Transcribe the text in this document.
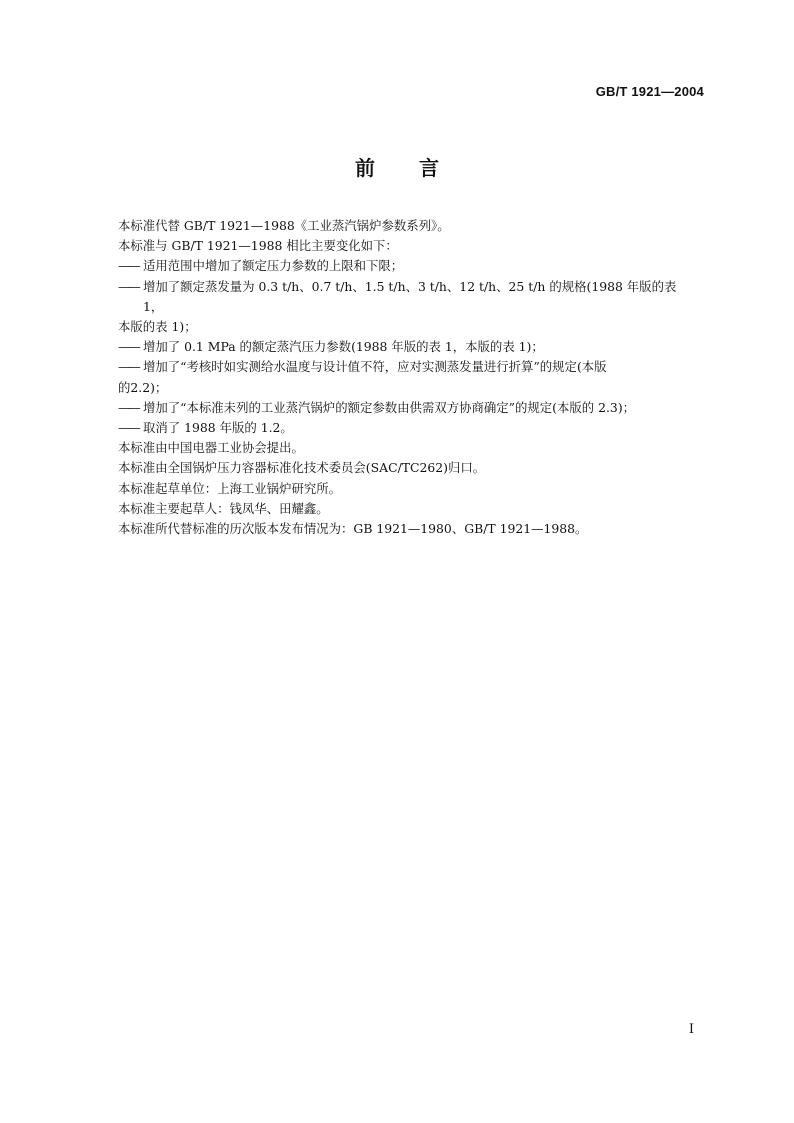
GB/T 1921—2004
前 言

本标准代替 GB/T 1921—1988《工业蒸汽锅炉参数系列》。

本标准与 GB/T 1921—1988 相比主要变化如下：

—— 适用范围中增加了额定压力参数的上限和下限；

—— 增加了额定蒸发量为 0.3 t/h、0.7 t/h、1.5 t/h、3 t/h、12 t/h、25 t/h 的规格(1988 年版的表 1，
本版的表 1)；

—— 增加了 0.1 MPa 的额定蒸汽压力参数(1988 年版的表 1，本版的表 1)；

—— 增加了“考核时如实测给水温度与设计值不符，应对实测蒸发量进行折算”的规定(本版
的2.2)；

—— 增加了“本标准未列的工业蒸汽锅炉的额定参数由供需双方协商确定”的规定(本版的 2.3)；

—— 取消了 1988 年版的 1.2。

本标准由中国电器工业协会提出。

本标准由全国锅炉压力容器标准化技术委员会(SAC/TC262)归口。

本标准起草单位：上海工业锅炉研究所。

本标准主要起草人：钱凤华、田耀鑫。

本标准所代替标准的历次版本发布情况为：GB 1921—1980、GB/T 1921—1988。

I
